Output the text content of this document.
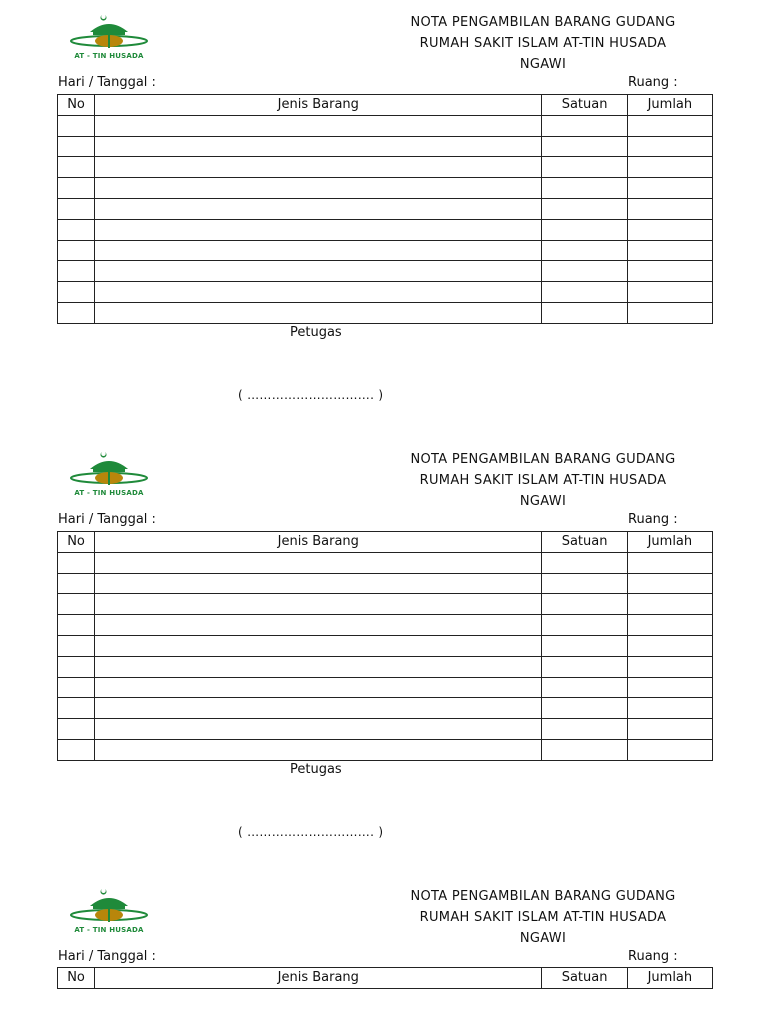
AT - TIN HUSADA
NOTA PENGAMBILAN BARANG GUDANG
RUMAH SAKIT ISLAM AT-TIN HUSADA
NGAWI
Hari / Tanggal :	Ruang :
No	Jenis Barang	Satuan	Jumlah

Petugas
( …………………………. )
AT - TIN HUSADA
NOTA PENGAMBILAN BARANG GUDANG
RUMAH SAKIT ISLAM AT-TIN HUSADA
NGAWI
Hari / Tanggal :	Ruang :
No	Jenis Barang	Satuan	Jumlah

Petugas
( …………………………. )
AT - TIN HUSADA
NOTA PENGAMBILAN BARANG GUDANG
RUMAH SAKIT ISLAM AT-TIN HUSADA
NGAWI
Hari / Tanggal :	Ruang :
No	Jenis Barang	Satuan	Jumlah
